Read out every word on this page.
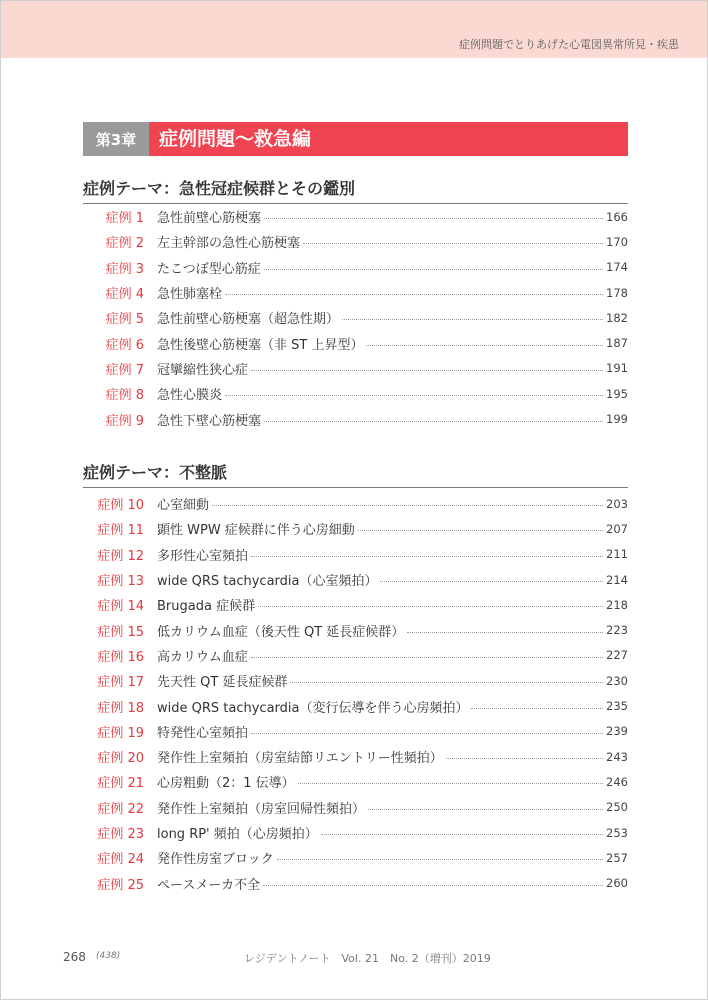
症例問題でとりあげた心電図異常所見・疾患
第3章	症例問題〜救急編
症例テーマ：急性冠症候群とその鑑別
症例 1 急性前壁心筋梗塞	166
症例 2 左主幹部の急性心筋梗塞	170
症例 3 たこつぼ型心筋症	174
症例 4 急性肺塞栓	178
症例 5 急性前壁心筋梗塞（超急性期）	182
症例 6 急性後壁心筋梗塞（非 ST 上昇型）	187
症例 7 冠攣縮性狭心症	191
症例 8 急性心膜炎	195
症例 9 急性下壁心筋梗塞	199
症例テーマ：不整脈
症例 10 心室細動	203
症例 11 顕性 WPW 症候群に伴う心房細動	207
症例 12 多形性心室頻拍	211
症例 13 wide QRS tachycardia（心室頻拍）	214
症例 14 Brugada 症候群	218
症例 15 低カリウム血症（後天性 QT 延長症候群）	223
症例 16 高カリウム血症	227
症例 17 先天性 QT 延長症候群	230
症例 18 wide QRS tachycardia（変行伝導を伴う心房頻拍）	235
症例 19 特発性心室頻拍	239
症例 20 発作性上室頻拍（房室結節リエントリー性頻拍）	243
症例 21 心房粗動（2：1 伝導）	246
症例 22 発作性上室頻拍（房室回帰性頻拍）	250
症例 23 long RP' 頻拍（心房頻拍）	253
症例 24 発作性房室ブロック	257
症例 25 ペースメーカ不全	260
268 (438)	レジデントノート　Vol. 21　No. 2（増刊）2019
